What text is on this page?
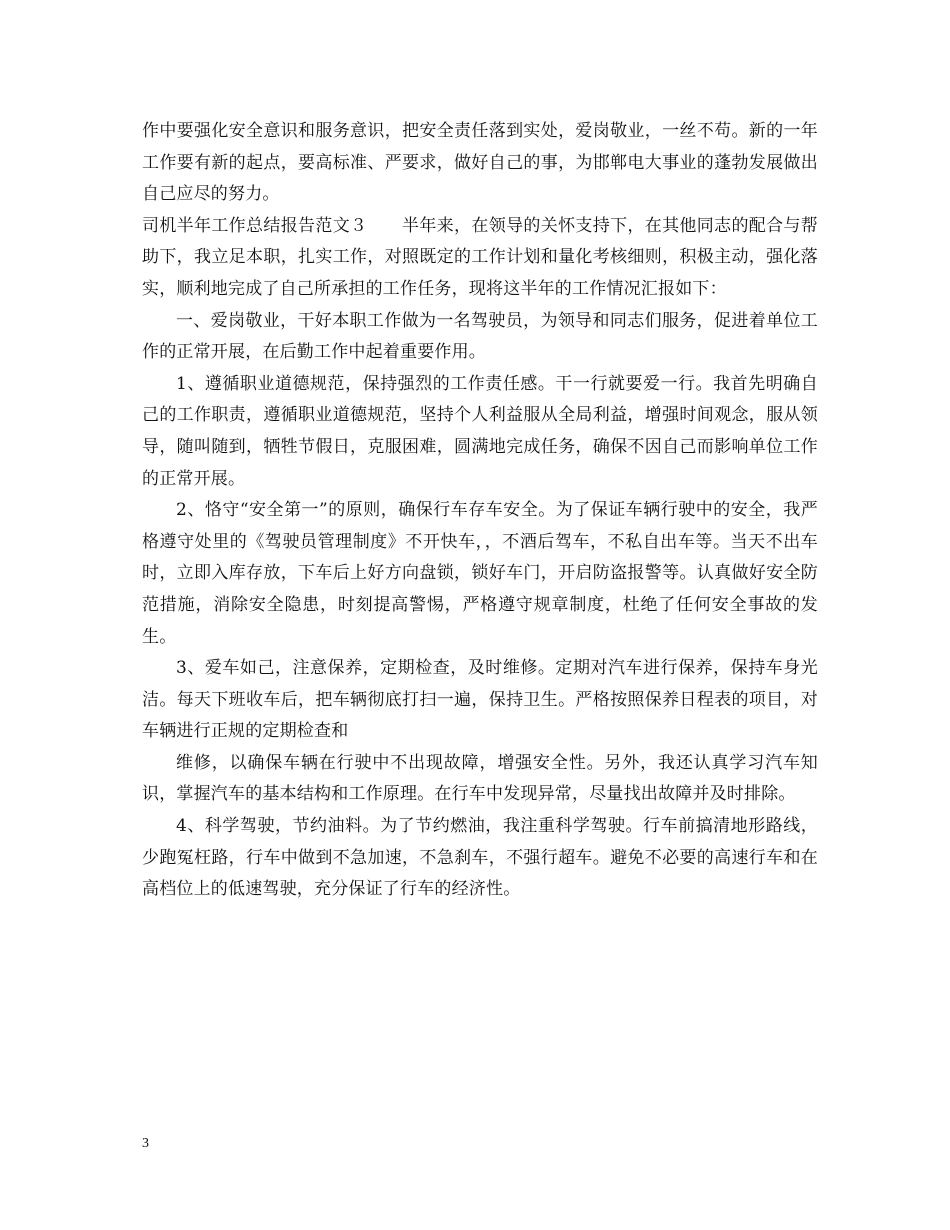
作中要强化安全意识和服务意识，把安全责任落到实处，爱岗敬业，一丝不苟。新的一年工作要有新的起点，要高标准、严要求，做好自己的事，为邯郸电大事业的蓬勃发展做出自己应尽的努力。

司机半年工作总结报告范文３　　半年来，在领导的关怀支持下，在其他同志的配合与帮助下，我立足本职，扎实工作，对照既定的工作计划和量化考核细则，积极主动，强化落实，顺利地完成了自己所承担的工作任务，现将这半年的工作情况汇报如下：

一、爱岗敬业，干好本职工作做为一名驾驶员，为领导和同志们服务，促进着单位工作的正常开展，在后勤工作中起着重要作用。

1、遵循职业道德规范，保持强烈的工作责任感。干一行就要爱一行。我首先明确自己的工作职责，遵循职业道德规范，坚持个人利益服从全局利益，增强时间观念，服从领导，随叫随到，牺牲节假日，克服困难，圆满地完成任务，确保不因自己而影响单位工作的正常开展。

2、恪守“安全第一”的原则，确保行车存车安全。为了保证车辆行驶中的安全，我严格遵守处里的《驾驶员管理制度》不开快车，，不酒后驾车，不私自出车等。当天不出车时，立即入库存放，下车后上好方向盘锁，锁好车门，开启防盗报警等。认真做好安全防范措施，消除安全隐患，时刻提高警惕，严格遵守规章制度，杜绝了任何安全事故的发生。

3、爱车如己，注意保养，定期检查，及时维修。定期对汽车进行保养，保持车身光洁。每天下班收车后，把车辆彻底打扫一遍，保持卫生。严格按照保养日程表的项目，对车辆进行正规的定期检查和

维修，以确保车辆在行驶中不出现故障，增强安全性。另外，我还认真学习汽车知识，掌握汽车的基本结构和工作原理。在行车中发现异常，尽量找出故障并及时排除。

4、科学驾驶，节约油料。为了节约燃油，我注重科学驾驶。行车前搞清地形路线，少跑冤枉路，行车中做到不急加速，不急刹车，不强行超车。避免不必要的高速行车和在高档位上的低速驾驶，充分保证了行车的经济性。

3
